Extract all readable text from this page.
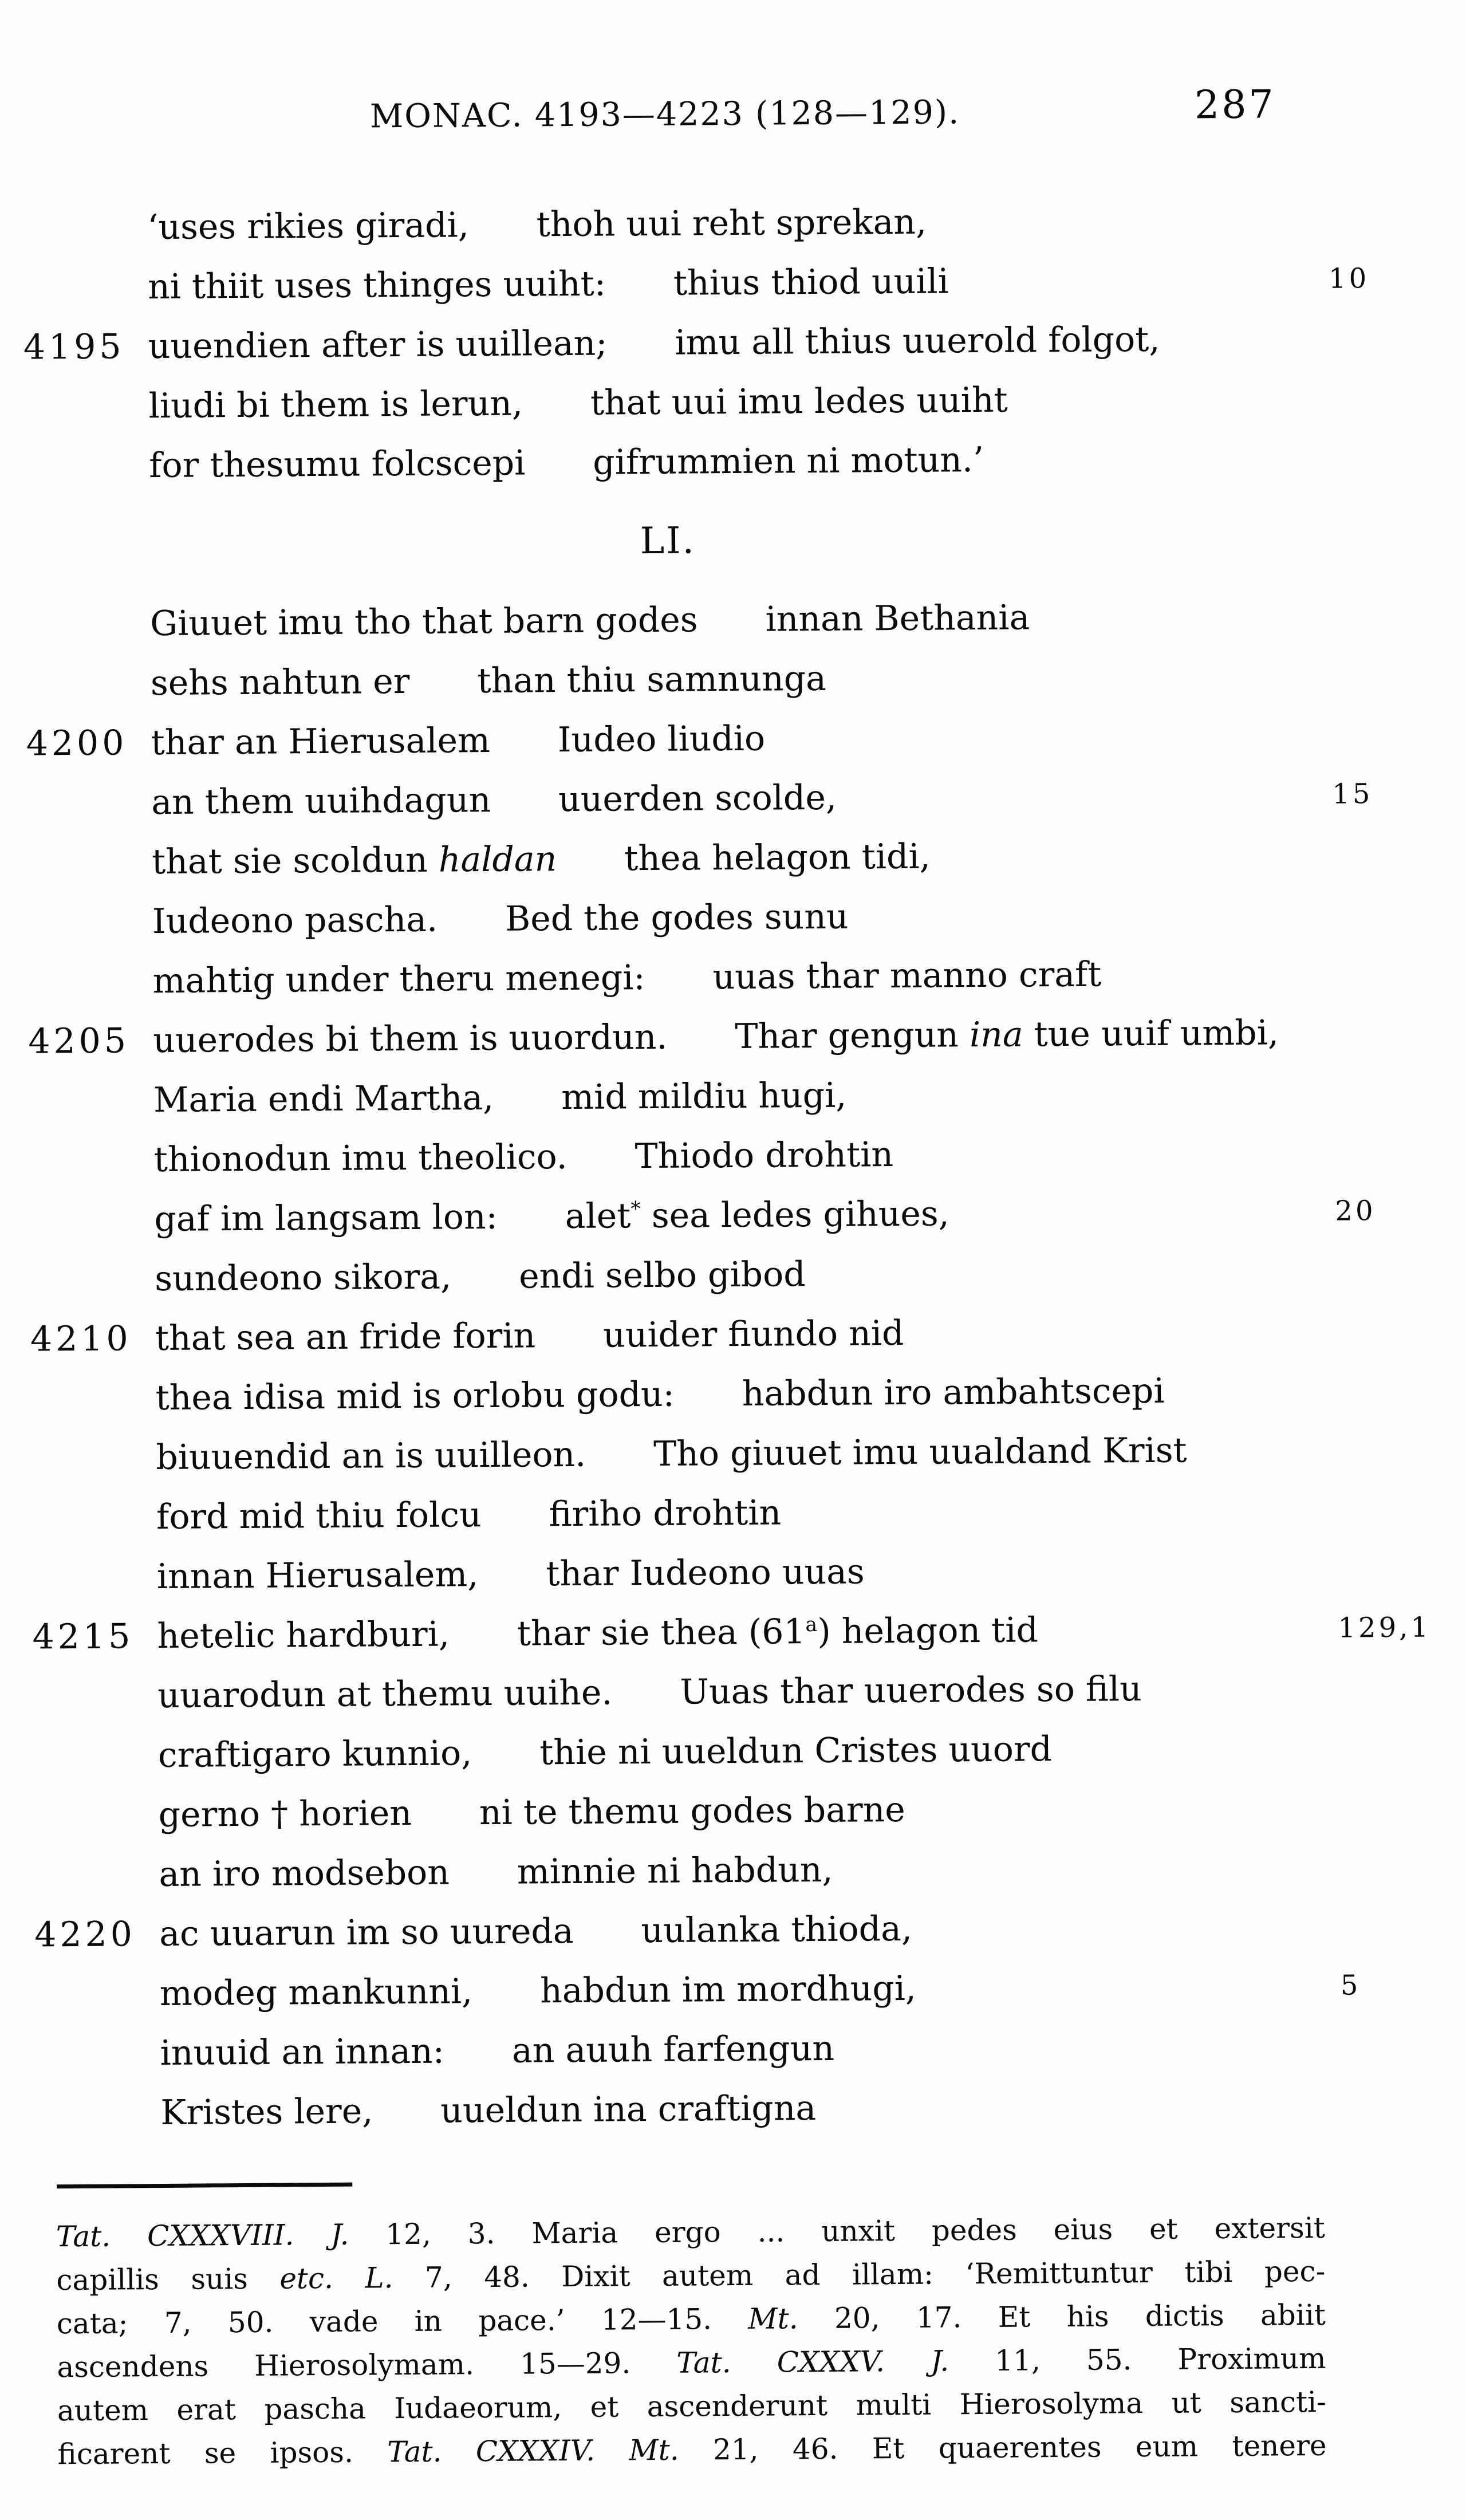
MONAC. 4193—4223 (128—129).	287
‘uses rikies giradi, thoh uui reht sprekan,
ni thiit uses thinges uuiht: thius thiod uuili	10
4195 uuendien after is uuillean; imu all thius uuerold folgot,
liudi bi them is lerun, that uui imu ledes uuiht
for thesumu folcscepi gifrummien ni motun.’
LI.
Giuuet imu tho that barn godes innan Bethania
sehs nahtun er than thiu samnunga
4200 thar an Hierusalem Iudeo liudio
an them uuihdagun uuerden scolde,	15
that sie scoldun haldan thea helagon tidi,
Iudeono pascha. Bed the godes sunu
mahtig under theru menegi: uuas thar manno craft
4205 uuerodes bi them is uuordun. Thar gengun ina tue uuif umbi,
Maria endi Martha, mid mildiu hugi,
thionodun imu theolico. Thiodo drohtin
gaf im langsam lon: alet* sea ledes gihues,	20
sundeono sikora, endi selbo gibod
4210 that sea an fride forin uuider fiundo nid
thea idisa mid is orlobu godu: habdun iro ambahtscepi
biuuendid an is uuilleon. Tho giuuet imu uualdand Krist
ford mid thiu folcu firiho drohtin
innan Hierusalem, thar Iudeono uuas
4215 hetelic hardburi, thar sie thea (61$^a$) helagon tid	129,1
uuarodun at themu uuihe. Uuas thar uuerodes so filu
craftigaro kunnio, thie ni uueldun Cristes uuord
gerno † horien ni te themu godes barne
an iro modsebon minnie ni habdun,
4220 ac uuarun im so uureda uulanka thioda,
modeg mankunni, habdun im mordhugi,	5
inuuid an innan: an auuh farfengun
Kristes lere, uueldun ina craftigna
Tat. CXXXVIII. J. 12, 3. Maria ergo ... unxit pedes eius et extersit
capillis suis etc. L. 7, 48. Dixit autem ad illam: ‘Remittuntur tibi pec-
cata; 7, 50. vade in pace.’ 12—15. Mt. 20, 17. Et his dictis abiit
ascendens Hierosolymam. 15—29. Tat. CXXXV. J. 11, 55. Proximum
autem erat pascha Iudaeorum, et ascenderunt multi Hierosolyma ut sancti-
ficarent se ipsos. Tat. CXXXIV. Mt. 21, 46. Et quaerentes eum tenere
